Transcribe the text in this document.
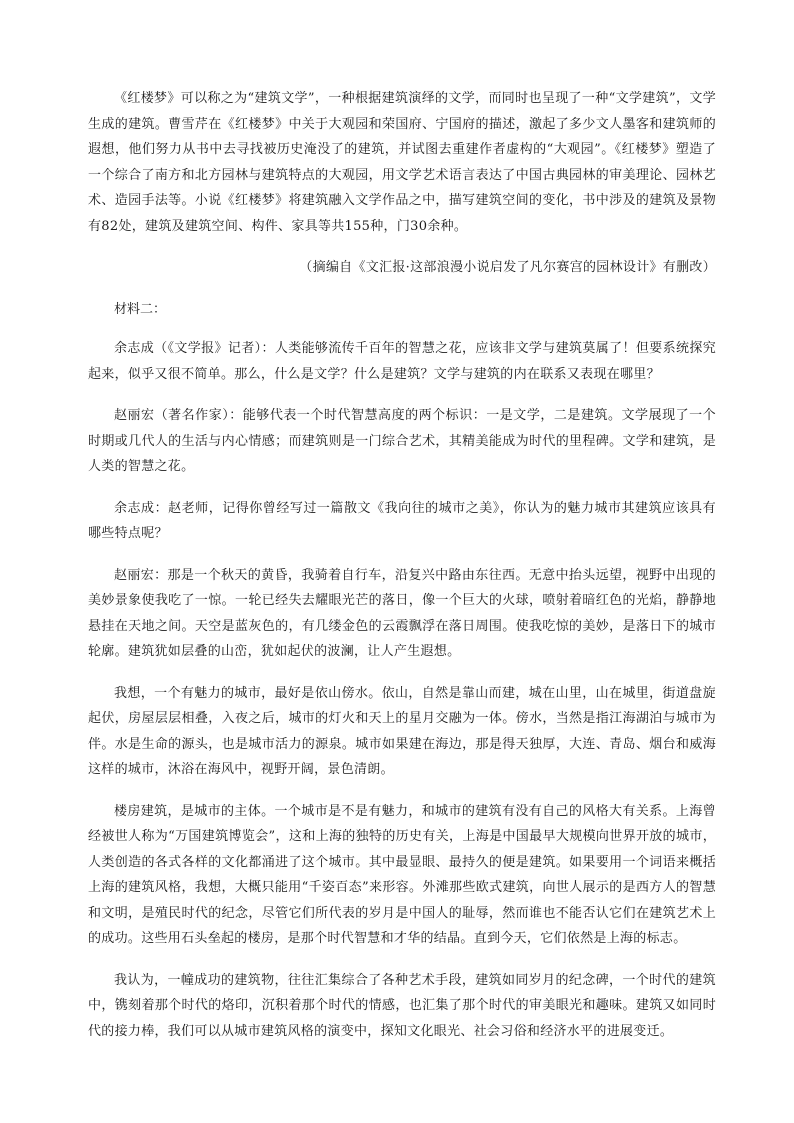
《红楼梦》可以称之为“建筑文学”，一种根据建筑演绎的文学，而同时也呈现了一种“文学建筑”，文学生成的建筑。曹雪芹在《红楼梦》中关于大观园和荣国府、宁国府的描述，激起了多少文人墨客和建筑师的遐想，他们努力从书中去寻找被历史淹没了的建筑，并试图去重建作者虚构的“大观园”。《红楼梦》塑造了一个综合了南方和北方园林与建筑特点的大观园，用文学艺术语言表达了中国古典园林的审美理论、园林艺术、造园手法等。小说《红楼梦》将建筑融入文学作品之中，描写建筑空间的变化，书中涉及的建筑及景物有82处，建筑及建筑空间、构件、家具等共155种，门30余种。

（摘编自《文汇报·这部浪漫小说启发了凡尔赛宫的园林设计》有删改）

材料二：

余志成（《文学报》记者）：人类能够流传千百年的智慧之花，应该非文学与建筑莫属了！但要系统探究起来，似乎又很不简单。那么，什么是文学？什么是建筑？文学与建筑的内在联系又表现在哪里？

赵丽宏（著名作家）：能够代表一个时代智慧高度的两个标识：一是文学，二是建筑。文学展现了一个时期或几代人的生活与内心情感；而建筑则是一门综合艺术，其精美能成为时代的里程碑。文学和建筑，是人类的智慧之花。

余志成：赵老师，记得你曾经写过一篇散文《我向往的城市之美》，你认为的魅力城市其建筑应该具有哪些特点呢？

赵丽宏：那是一个秋天的黄昏，我骑着自行车，沿复兴中路由东往西。无意中抬头远望，视野中出现的美妙景象使我吃了一惊。一轮已经失去耀眼光芒的落日，像一个巨大的火球，喷射着暗红色的光焰，静静地悬挂在天地之间。天空是蓝灰色的，有几缕金色的云霞飘浮在落日周围。使我吃惊的美妙，是落日下的城市轮廓。建筑犹如层叠的山峦，犹如起伏的波澜，让人产生遐想。

我想，一个有魅力的城市，最好是依山傍水。依山，自然是靠山而建，城在山里，山在城里，街道盘旋起伏，房屋层层相叠，入夜之后，城市的灯火和天上的星月交融为一体。傍水，当然是指江海湖泊与城市为伴。水是生命的源头，也是城市活力的源泉。城市如果建在海边，那是得天独厚，大连、青岛、烟台和威海这样的城市，沐浴在海风中，视野开阔，景色清朗。

楼房建筑，是城市的主体。一个城市是不是有魅力，和城市的建筑有没有自己的风格大有关系。上海曾经被世人称为“万国建筑博览会”，这和上海的独特的历史有关，上海是中国最早大规模向世界开放的城市，人类创造的各式各样的文化都涌进了这个城市。其中最显眼、最持久的便是建筑。如果要用一个词语来概括上海的建筑风格，我想，大概只能用“千姿百态”来形容。外滩那些欧式建筑，向世人展示的是西方人的智慧和文明，是殖民时代的纪念，尽管它们所代表的岁月是中国人的耻辱，然而谁也不能否认它们在建筑艺术上的成功。这些用石头垒起的楼房，是那个时代智慧和才华的结晶。直到今天，它们依然是上海的标志。

我认为，一幢成功的建筑物，往往汇集综合了各种艺术手段，建筑如同岁月的纪念碑，一个时代的建筑中，镌刻着那个时代的烙印，沉积着那个时代的情感，也汇集了那个时代的审美眼光和趣味。建筑又如同时代的接力棒，我们可以从城市建筑风格的演变中，探知文化眼光、社会习俗和经济水平的进展变迁。
